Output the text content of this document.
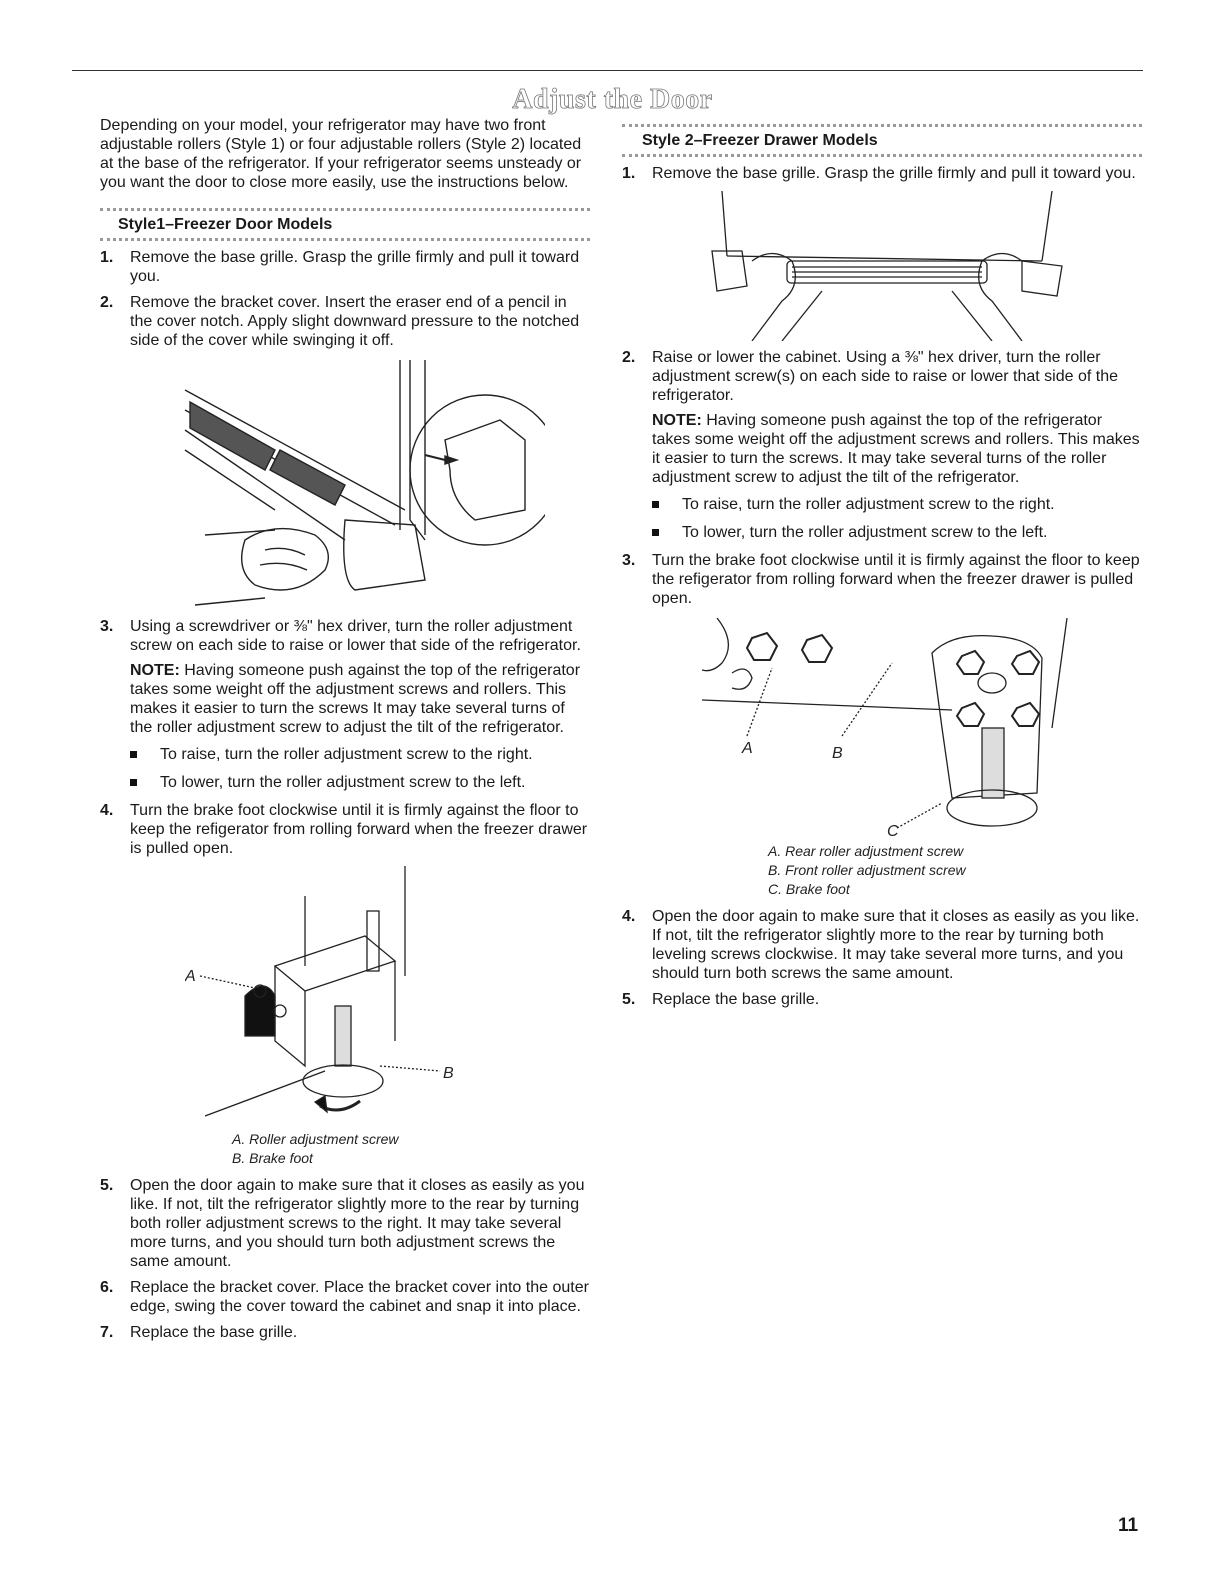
Adjust the Door

Depending on your model, your refrigerator may have two front adjustable rollers (Style 1) or four adjustable rollers (Style 2) located at the base of the refrigerator. If your refrigerator seems unsteady or you want the door to close more easily, use the instructions below.

Style1–Freezer Door Models
1. Remove the base grille. Grasp the grille firmly and pull it toward you.
2. Remove the bracket cover. Insert the eraser end of a pencil in the cover notch. Apply slight downward pressure to the notched side of the cover while swinging it off.
3. Using a screwdriver or ⅜" hex driver, turn the roller adjustment screw on each side to raise or lower that side of the refrigerator.
NOTE: Having someone push against the top of the refrigerator takes some weight off the adjustment screws and rollers. This makes it easier to turn the screws It may take several turns of the roller adjustment screw to adjust the tilt of the refrigerator.
To raise, turn the roller adjustment screw to the right.
To lower, turn the roller adjustment screw to the left.
4. Turn the brake foot clockwise until it is firmly against the floor to keep the refigerator from rolling forward when the freezer drawer is pulled open.
A
B
A. Roller adjustment screw
B. Brake foot
5. Open the door again to make sure that it closes as easily as you like. If not, tilt the refrigerator slightly more to the rear by turning both roller adjustment screws to the right. It may take several more turns, and you should turn both adjustment screws the same amount.
6. Replace the bracket cover. Place the bracket cover into the outer edge, swing the cover toward the cabinet and snap it into place.
7. Replace the base grille.
Style 2–Freezer Drawer Models
1. Remove the base grille. Grasp the grille firmly and pull it toward you.
2. Raise or lower the cabinet. Using a ⅜" hex driver, turn the roller adjustment screw(s) on each side to raise or lower that side of the refrigerator.
NOTE: Having someone push against the top of the refrigerator takes some weight off the adjustment screws and rollers. This makes it easier to turn the screws. It may take several turns of the roller adjustment screw to adjust the tilt of the refrigerator.
To raise, turn the roller adjustment screw to the right.
To lower, turn the roller adjustment screw to the left.
3. Turn the brake foot clockwise until it is firmly against the floor to keep the refigerator from rolling forward when the freezer drawer is pulled open.
A	B
C
A. Rear roller adjustment screw
B. Front roller adjustment screw
C. Brake foot
4. Open the door again to make sure that it closes as easily as you like. If not, tilt the refrigerator slightly more to the rear by turning both leveling screws clockwise. It may take several more turns, and you should turn both screws the same amount.
5. Replace the base grille.
11
